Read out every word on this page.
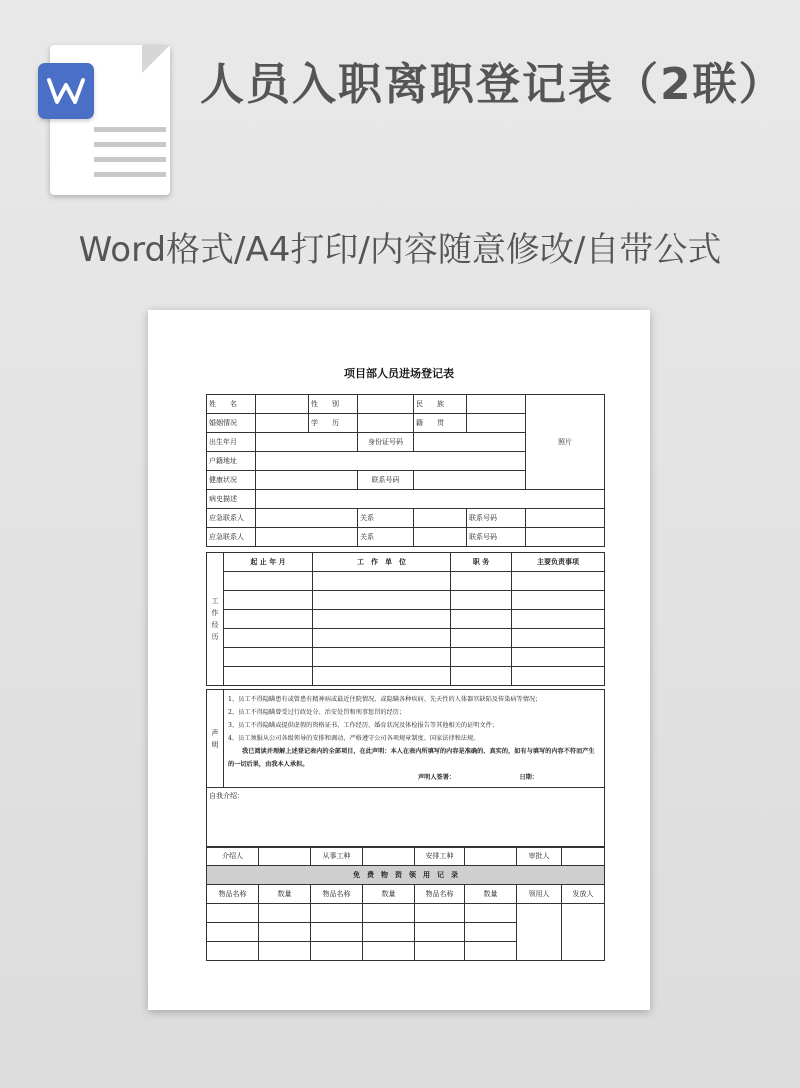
人员入职离职登记表（2联）
Word格式/A4打印/内容随意修改/自带公式
项目部人员进场登记表
姓　　名		性　　别		民　　族		照片
婚姻情况		学　　历		籍　　贯		
出生年月			身份证号码			
户籍地址						
健康状况			联系号码			
病史描述						
应急联系人			关系		联系号码	
应急联系人			关系		联系号码	
工作经历	起 止 年 月	工　作　单　位	职 务	主要负责事项

声明	

1、员工不得隐瞒患有或曾患有精神病或最近住院情况、或隐瞒各种疾病、先天性的人体器官缺陷及传染病等情况；

2、员工不得隐瞒曾受过行政处分、治安处罚和刑事惩罚的经历；

3、员工不得隐瞒或提供虚假的资格证书、工作经历、婚育状况及体检报告等其他相关的证明文件；

4、员工须服从公司各级领导的安排和调动，严格遵守公司各项规章制度、国家法律和法规。

我已阅读并理解上述登记表内的全部项目，在此声明：本人在表内所填写的内容是准确的、真实的，如有与填写的内容不符而产生的一切后果，由我本人承担。

声明人签署：	日期：

自我介绍：
介绍人		从事工种		安排工种		审批人	
免　费　物　资　领　用　记　录							
物品名称	数量	物品名称	数量	物品名称	数量	领用人	发放人
